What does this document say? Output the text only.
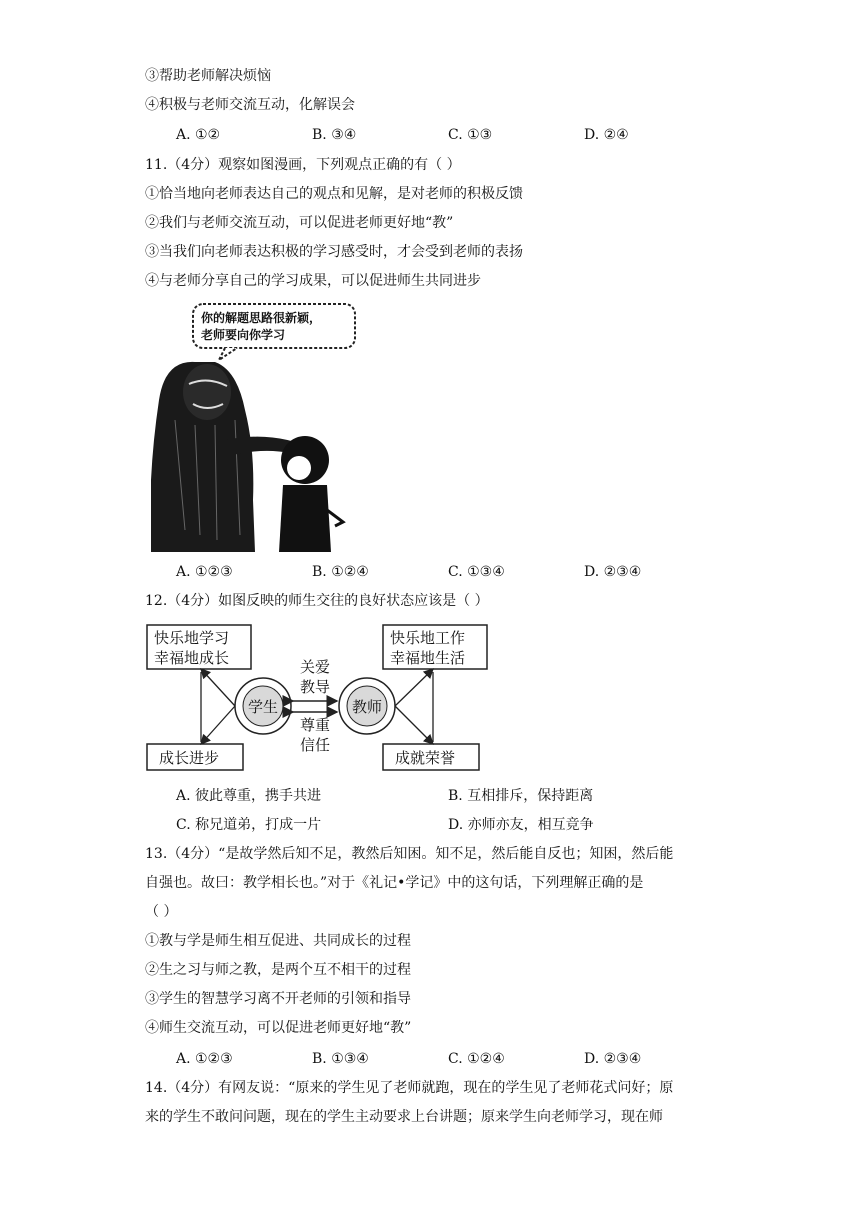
③帮助老师解决烦恼
④积极与老师交流互动，化解误会
A. ①②	B. ③④	C. ①③	D. ②④
11.（4分）观察如图漫画，下列观点正确的有（ ）
①恰当地向老师表达自己的观点和见解，是对老师的积极反馈
②我们与老师交流互动，可以促进老师更好地“教”
③当我们向老师表达积极的学习感受时，才会受到老师的表扬
④与老师分享自己的学习成果，可以促进师生共同进步
你的解题思路很新颖，
老师要向你学习
A. ①②③	B. ①②④	C. ①③④	D. ②③④
12.（4分）如图反映的师生交往的良好状态应该是（ ）
快乐地学习
幸福地成长
快乐地工作
幸福地生活
成长进步	成就荣誉
学生	教师
关爱
教导
尊重
信任
A. 彼此尊重，携手共进	B. 互相排斥，保持距离
C. 称兄道弟，打成一片	D. 亦师亦友，相互竞争
13.（4分）“是故学然后知不足，教然后知困。知不足，然后能自反也；知困，然后能
自强也。故曰：教学相长也。”对于《礼记•学记》中的这句话，下列理解正确的是
（ ）
①教与学是师生相互促进、共同成长的过程
②生之习与师之教，是两个互不相干的过程
③学生的智慧学习离不开老师的引领和指导
④师生交流互动，可以促进老师更好地“教”
A. ①②③	B. ①③④	C. ①②④	D. ②③④
14.（4分）有网友说：“原来的学生见了老师就跑，现在的学生见了老师花式问好；原
来的学生不敢问问题，现在的学生主动要求上台讲题；原来学生向老师学习，现在师
